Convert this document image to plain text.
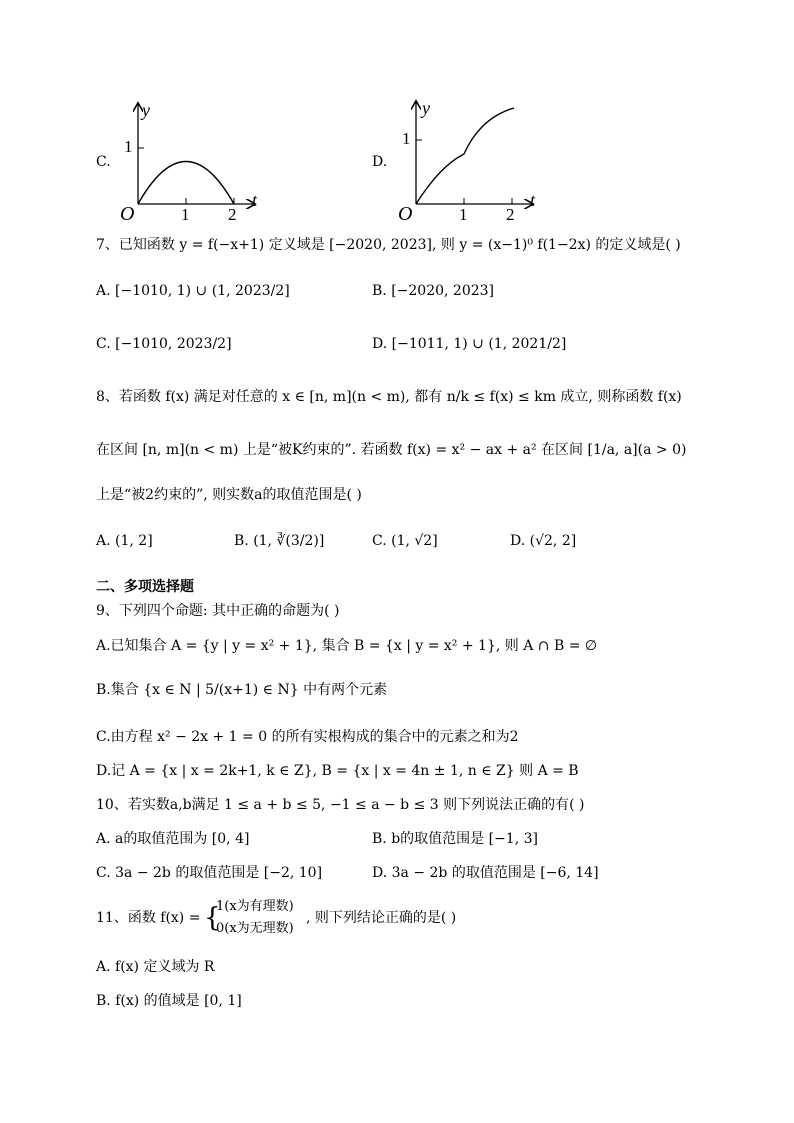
C.
y
t
O
1
1 2
D.
y
t
O
1
1 2
7、已知函数 y = f(−x+1) 定义域是 [−2020, 2023], 则 y = (x−1)⁰ f(1−2x) 的定义域是( )
A. [−1010, 1) ∪ (1, 2023/2]	B. [−2020, 2023]
C. [−1010, 2023/2]	D. [−1011, 1) ∪ (1, 2021/2]
8、若函数 f(x) 满足对任意的 x ∈ [n, m](n < m), 都有 n/k ≤ f(x) ≤ km 成立, 则称函数 f(x)
在区间 [n, m](n < m) 上是“被K约束的”. 若函数 f(x) = x² − ax + a² 在区间 [1/a, a](a > 0)
上是“被2约束的”, 则实数a的取值范围是( )
A. (1, 2]	B. (1, ∛(3/2)]	C. (1, √2]	D. (√2, 2]
二、多项选择题
9、下列四个命题: 其中正确的命题为( )
A.已知集合 A = {y | y = x² + 1}, 集合 B = {x | y = x² + 1}, 则 A ∩ B = ∅
B.集合 {x ∈ N | 5/(x+1) ∈ N} 中有两个元素
C.由方程 x² − 2x + 1 = 0 的所有实根构成的集合中的元素之和为2
D.记 A = {x | x = 2k+1, k ∈ Z}, B = {x | x = 4n ± 1, n ∈ Z} 则 A = B
10、若实数a,b满足 1 ≤ a + b ≤ 5, −1 ≤ a − b ≤ 3 则下列说法正确的有( )
A. a的取值范围为 [0, 4]	B. b的取值范围是 [−1, 3]
C. 3a − 2b 的取值范围是 [−2, 10]	D. 3a − 2b 的取值范围是 [−6, 14]
11、函数 f(x) = {
1(x为有理数)
0(x为无理数)
, 则下列结论正确的是( )
A. f(x) 定义域为 R
B. f(x) 的值域是 [0, 1]
